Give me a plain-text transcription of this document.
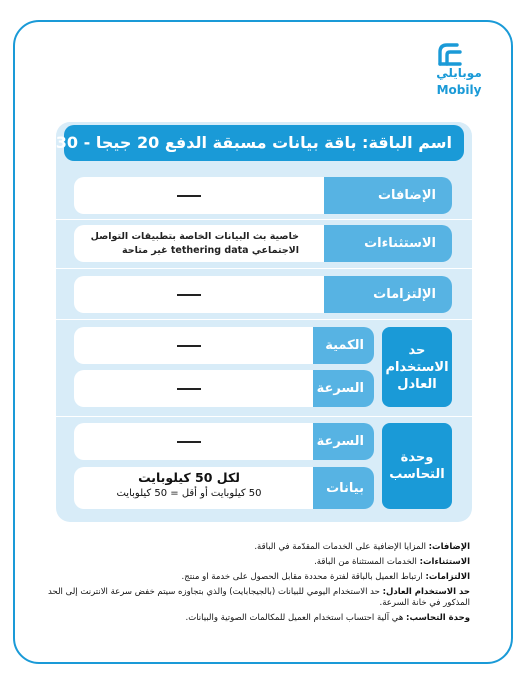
موبايلي
Mobily
اسم الباقة: باقة بيانات مسبقة الدفع 20 جيجا - 30 يوم
الإضافات
الاستثناءات
خاصية بث البيانات الخاصة بتطبيقات التواصل
الاجتماعي tethering data غير متاحة
الإلتزامات
الكمية
السرعة
حد الاستخدام العادل
السرعة
بيانات
لكل 50 كيلوبايت
50 كيلوبايت أو أقل = 50 كيلوبايت
وحدة التحاسب
الإضافات: المزايا الإضافية على الخدمات المقدّمة في الباقة.
الاستثناءات: الخدمات المستثناة من الباقة.
الالتزامات: ارتباط العميل بالباقة لفترة محددة مقابل الحصول على خدمة او منتج.
حد الاستخدام العادل: حد الاستخدام اليومي للبيانات (بالجيجابايت) والذي بتجاوزه سيتم خفض سرعة الانترنت إلى الحد المذكور في خانة السرعة.
وحدة التحاسب: هي آلية احتساب استخدام العميل للمكالمات الصوتية والبيانات.
